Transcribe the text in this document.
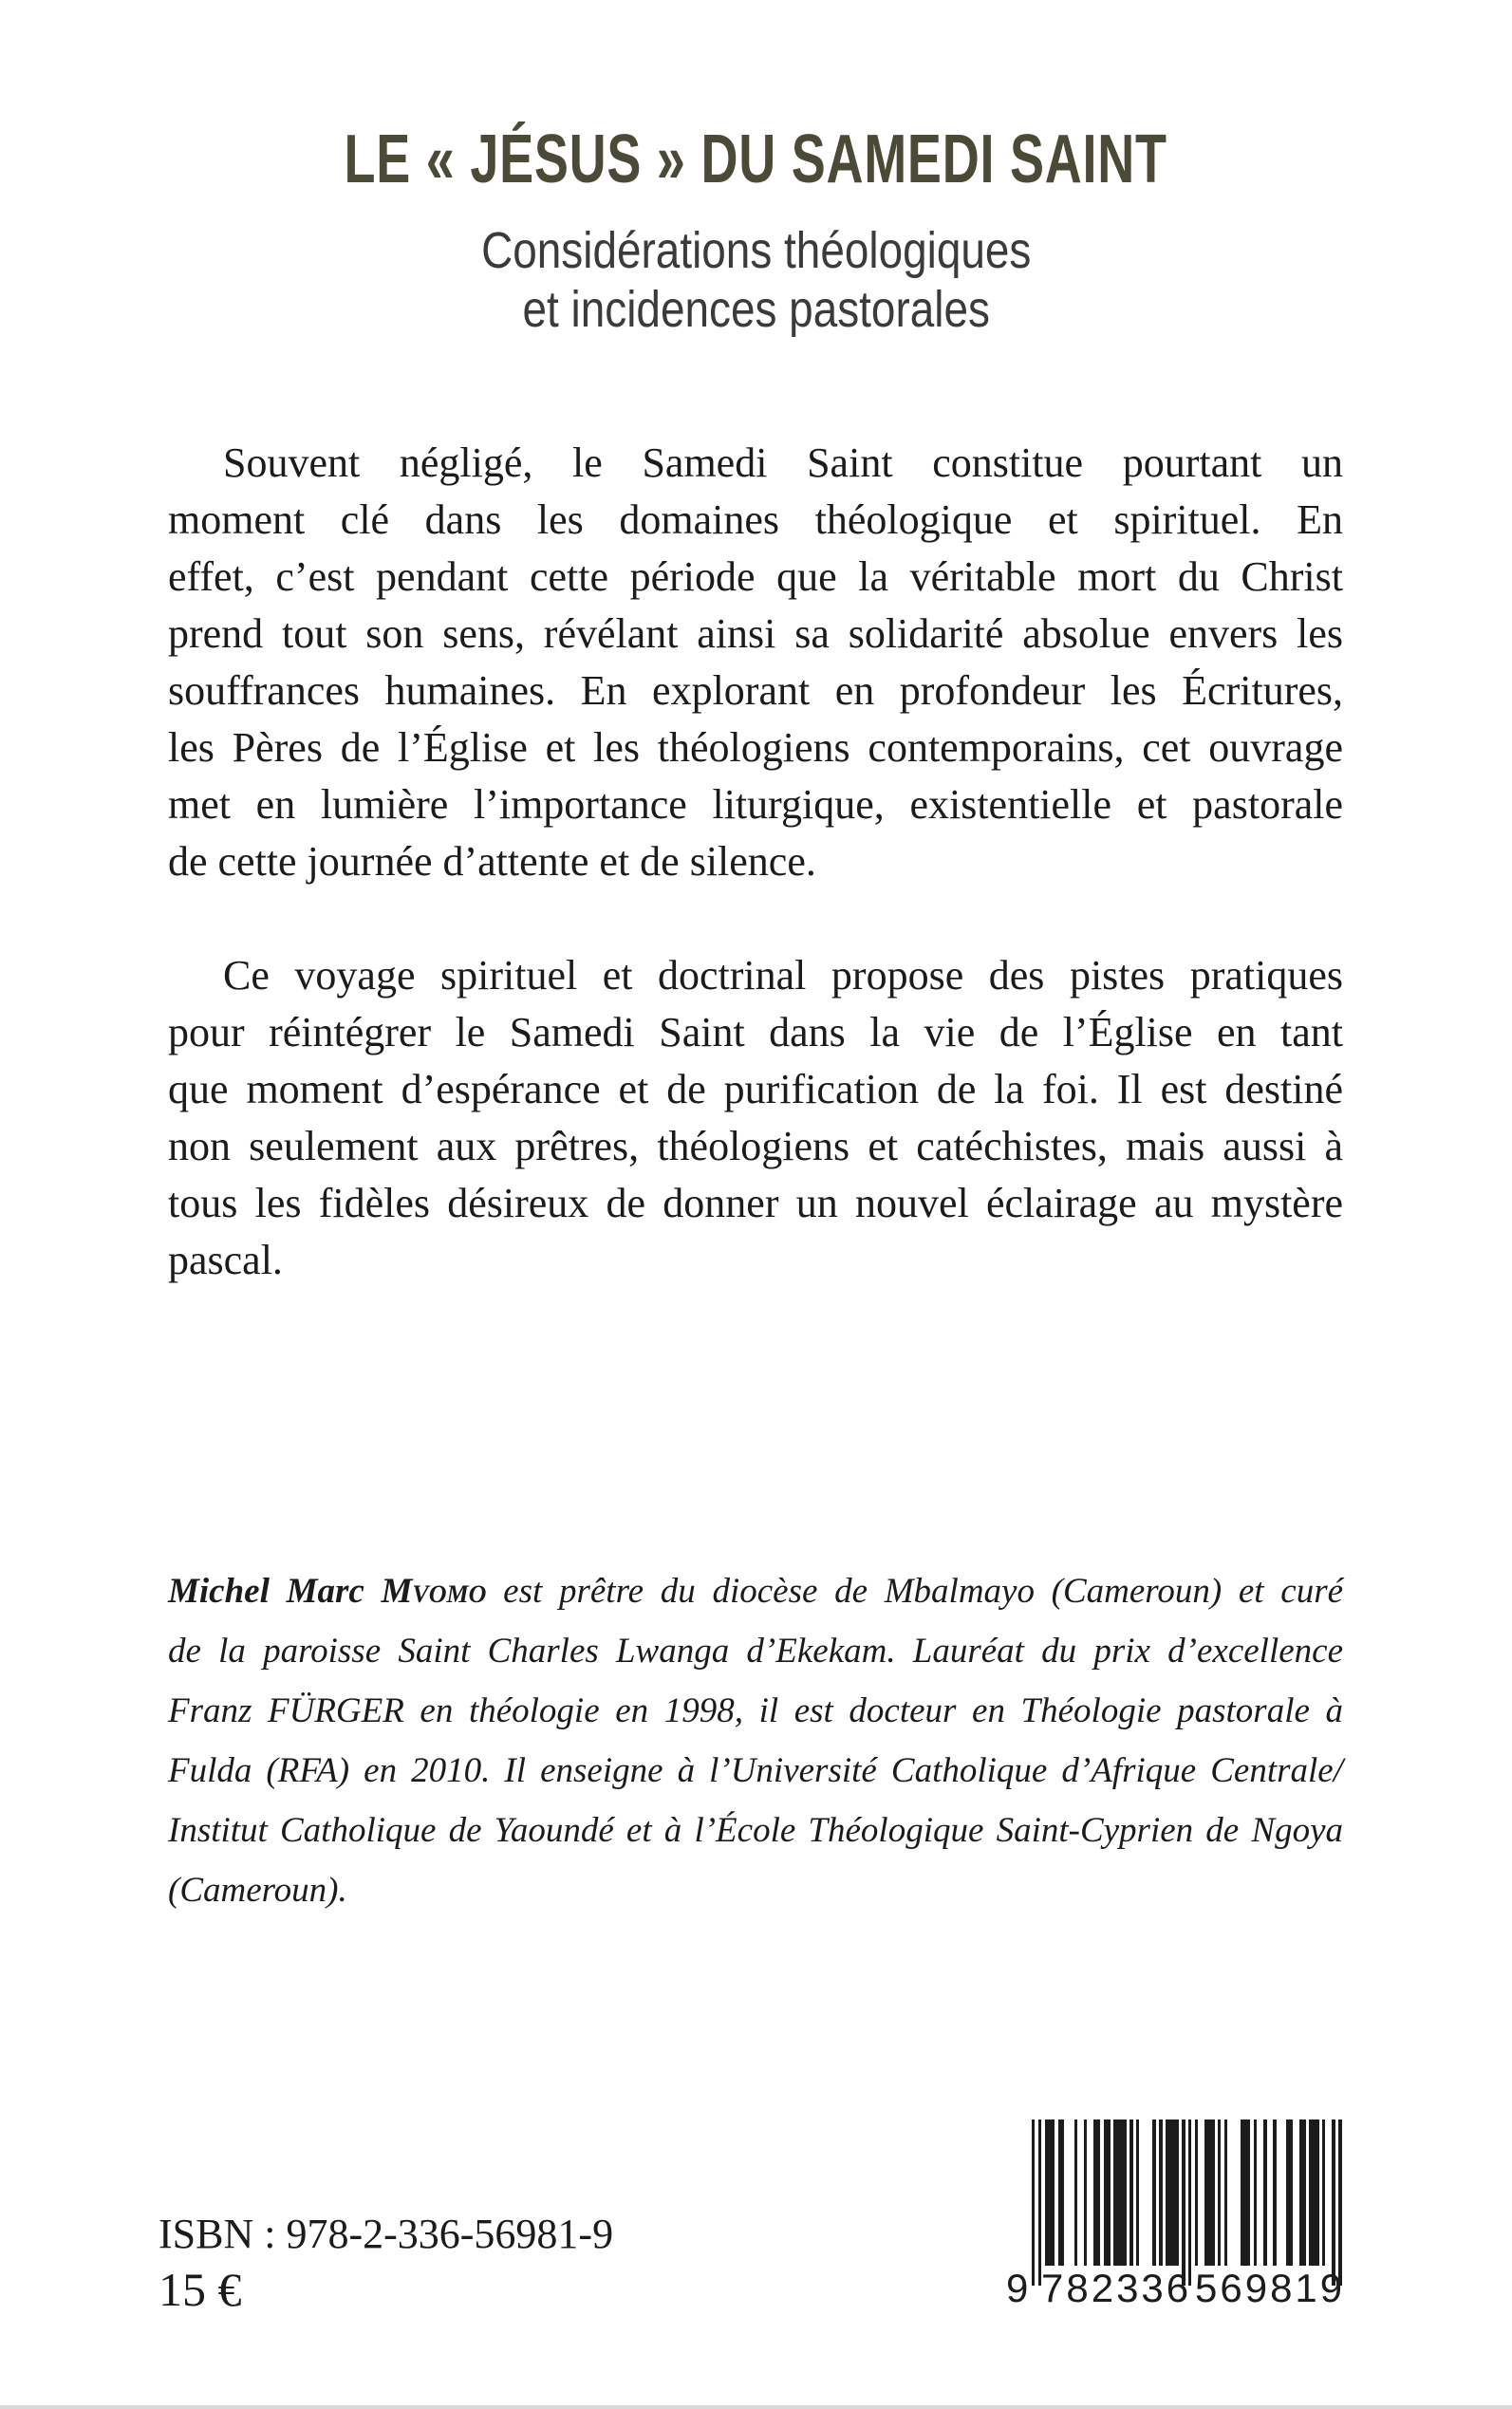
LE « JÉSUS » DU SAMEDI SAINT
Considérations théologiques
et incidences pastorales
Souvent négligé, le Samedi Saint constitue pourtant un
moment clé dans les domaines théologique et spirituel. En
effet, c’est pendant cette période que la véritable mort du Christ
prend tout son sens, révélant ainsi sa solidarité absolue envers les
souffrances humaines. En explorant en profondeur les Écritures,
les Pères de l’Église et les théologiens contemporains, cet ouvrage
met en lumière l’importance liturgique, existentielle et pastorale
de cette journée d’attente et de silence.
Ce voyage spirituel et doctrinal propose des pistes pratiques
pour réintégrer le Samedi Saint dans la vie de l’Église en tant
que moment d’espérance et de purification de la foi. Il est destiné
non seulement aux prêtres, théologiens et catéchistes, mais aussi à
tous les fidèles désireux de donner un nouvel éclairage au mystère
pascal.
Michel Marc Mvomo est prêtre du diocèse de Mbalmayo (Cameroun) et curé
de la paroisse Saint Charles Lwanga d’Ekekam. Lauréat du prix d’excellence
Franz FÜRGER en théologie en 1998, il est docteur en Théologie pastorale à
Fulda (RFA) en 2010. Il enseigne à l’Université Catholique d’Afrique Centrale/
Institut Catholique de Yaoundé et à l’École Théologique Saint-Cyprien de Ngoya
(Cameroun).
ISBN : 978-2-336-56981-9
15 €	9 782336 569819
